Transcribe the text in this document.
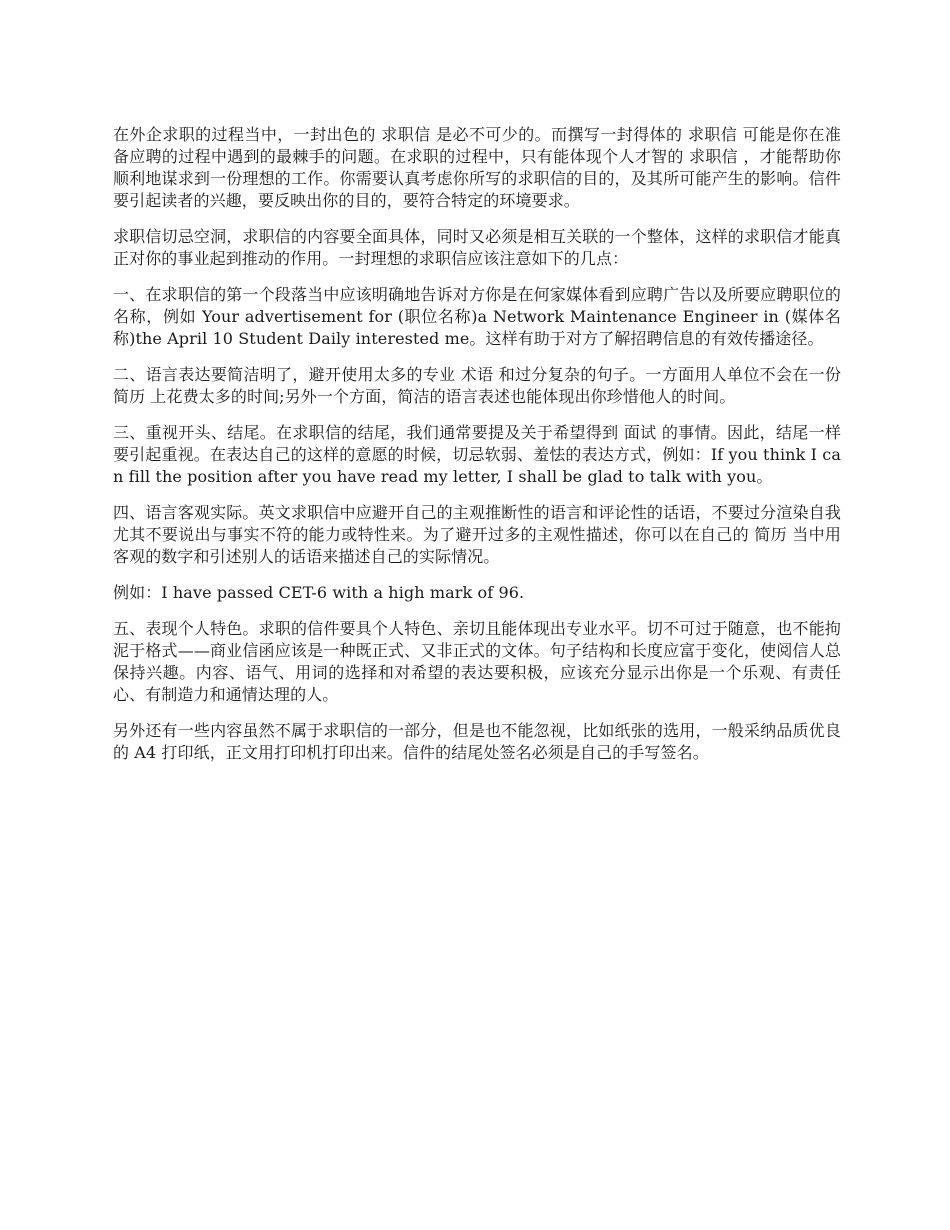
在外企求职的过程当中，一封出色的 求职信 是必不可少的。而撰写一封得体的 求职信 可能是你在准备应聘的过程中遇到的最棘手的问题。在求职的过程中，只有能体现个人才智的 求职信 ，才能帮助你顺利地谋求到一份理想的工作。你需要认真考虑你所写的求职信的目的，及其所可能产生的影响。信件要引起读者的兴趣，要反映出你的目的，要符合特定的环境要求。

求职信切忌空洞，求职信的内容要全面具体，同时又必须是相互关联的一个整体，这样的求职信才能真正对你的事业起到推动的作用。一封理想的求职信应该注意如下的几点：

一、在求职信的第一个段落当中应该明确地告诉对方你是在何家媒体看到应聘广告以及所要应聘职位的名称，例如 Your advertisement for (职位名称)a Network Maintenance Engineer in (媒体名称)the April 10 Student Daily interested me。这样有助于对方了解招聘信息的有效传播途径。

二、语言表达要简洁明了，避开使用太多的专业 术语 和过分复杂的句子。一方面用人单位不会在一份 简历 上花费太多的时间;另外一个方面，简洁的语言表述也能体现出你珍惜他人的时间。

三、重视开头、结尾。在求职信的结尾，我们通常要提及关于希望得到 面试 的事情。因此，结尾一样要引起重视。在表达自己的这样的意愿的时候，切忌软弱、羞怯的表达方式，例如：If you think I can fill the position after you have read my letter, I shall be glad to talk with you。

四、语言客观实际。英文求职信中应避开自己的主观推断性的语言和评论性的话语，不要过分渲染自我尤其不要说出与事实不符的能力或特性来。为了避开过多的主观性描述，你可以在自己的 简历 当中用客观的数字和引述别人的话语来描述自己的实际情况。

例如：I have passed CET-6 with a high mark of 96.

五、表现个人特色。求职的信件要具个人特色、亲切且能体现出专业水平。切不可过于随意，也不能拘泥于格式——商业信函应该是一种既正式、又非正式的文体。句子结构和长度应富于变化，使阅信人总保持兴趣。内容、语气、用词的选择和对希望的表达要积极，应该充分显示出你是一个乐观、有责任心、有制造力和通情达理的人。

另外还有一些内容虽然不属于求职信的一部分，但是也不能忽视，比如纸张的选用，一般采纳品质优良的 A4 打印纸，正文用打印机打印出来。信件的结尾处签名必须是自己的手写签名。
